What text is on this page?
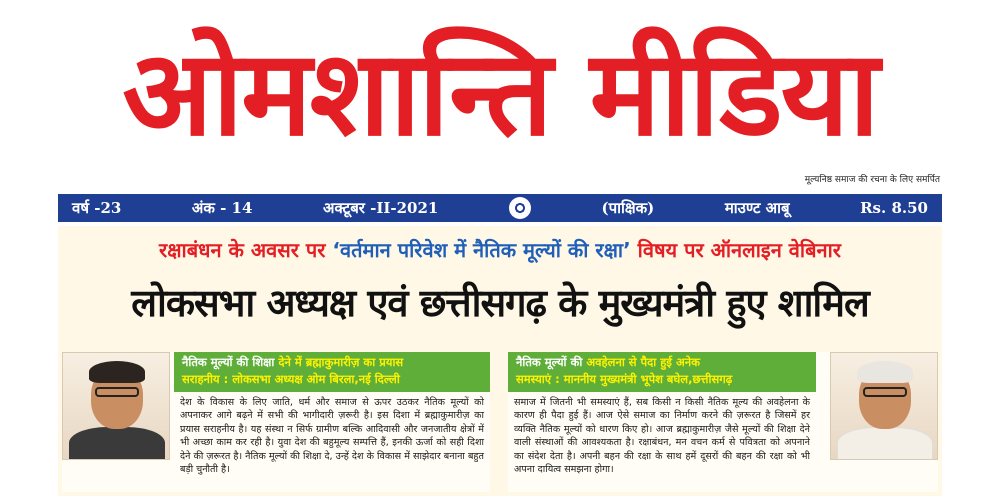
ओमशान्ति मीडिया
मूल्यनिष्ठ समाज की रचना के लिए समर्पित
वर्ष -23	अंक - 14	अक्टूबर -II-2021	(पाक्षिक)	माउण्ट आबू	Rs. 8.50
रक्षाबंधन के अवसर पर ‘वर्तमान परिवेश में नैतिक मूल्यों की रक्षा’ विषय पर ऑनलाइन वेबिनार
लोकसभा अध्यक्ष एवं छत्तीसगढ़ के मुख्यमंत्री हुए शामिल
नैतिक मूल्यों की शिक्षा देने में ब्रह्माकुमारीज़ का प्रयास
सराहनीय : लोकसभा अध्यक्ष ओम बिरला,नई दिल्ली
देश के विकास के लिए जाति, धर्म और समाज से ऊपर उठकर नैतिक मूल्यों को अपनाकर आगे बढ़ने में सभी की भागीदारी ज़रूरी है। इस दिशा में ब्रह्माकुमारीज़ का प्रयास सराहनीय है। यह संस्था न सिर्फ ग्रामीण बल्कि आदिवासी और जनजातीय क्षेत्रों में भी अच्छा काम कर रही है। युवा देश की बहुमूल्य सम्पत्ति हैं, इनकी ऊर्जा को सही दिशा देने की ज़रूरत है। नैतिक मूल्यों की शिक्षा दे, उन्हें देश के विकास में साझेदार बनाना बहुत बड़ी चुनौती है।
नैतिक मूल्यों की अवहेलना से पैदा हुई अनेक
समस्याएं : माननीय मुख्यमंत्री भूपेश बघेल,छत्तीसगढ़
समाज में जितनी भी समस्याएं हैं, सब किसी न किसी नैतिक मूल्य की अवहेलना के कारण ही पैदा हुई हैं। आज ऐसे समाज का निर्माण करने की ज़रूरत है जिसमें हर व्यक्ति नैतिक मूल्यों को धारण किए हो। आज ब्रह्माकुमारीज़ जैसे मूल्यों की शिक्षा देने वाली संस्थाओं की आवश्यकता है। रक्षाबंधन, मन वचन कर्म से पवित्रता को अपनाने का संदेश देता है। अपनी बहन की रक्षा के साथ हमें दूसरों की बहन की रक्षा को भी अपना दायित्व समझना होगा।
